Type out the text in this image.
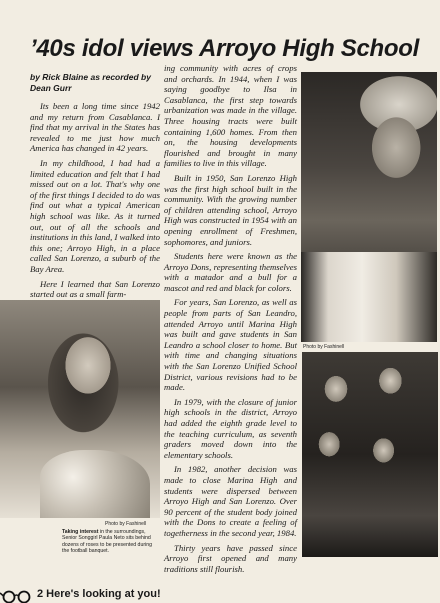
’40s idol views Arroyo High School
by Rick Blaine as recorded by Dean Gurr

Its been a long time since 1942 and my return from Casablanca. I find that my arrival in the States has revealed to me just how much America has changed in 42 years.

In my childhood, I had had a limited education and felt that I had missed out on a lot. That's why one of the first things I decided to do was find out what a typical American high school was like. As it turned out, out of all the schools and institutions in this land, I walked into this one; Arroyo High, in a place called San Lorenzo, a suburb of the Bay Area.

Here I learned that San Lorenzo started out as a small farm-

ing community with acres of crops and orchards. In 1944, when I was saying goodbye to Ilsa in Casablanca, the first step towards urbanization was made in the village. Three housing tracts were built containing 1,600 homes. From then on, the housing developments flourished and brought in many families to live in this village.

Built in 1950, San Lorenzo High was the first high school built in the community. With the growing number of children attending school, Arroyo High was constructed in 1954 with an opening enrollment of Freshmen, sophomores, and juniors.

Students here were known as the Arroyo Dons, representing themselves with a matador and a bull for a mascot and red and black for colors.

For years, San Lorenzo, as well as people from parts of San Leandro, attended Arroyo until Marina High was built and gave students in San Leandro a school closer to home. But with time and changing situations with the San Lorenzo Unified School District, various revisions had to be made.

In 1979, with the closure of junior high schools in the district, Arroyo had added the eighth grade level to the teaching curriculum, as seventh graders moved down into the elementary schools.

In 1982, another decision was made to close Marina High and students were dispersed between Arroyo High and San Lorenzo. Over 90 percent of the student body joined with the Dons to create a feeling of togetherness in the second year, 1984.

Thirty years have passed since Arroyo first opened and many traditions still flourish.

Photo by Fashinell
Photo by Fashinell
Taking interest in the surroundings, Senior Songgirl Paula Neto sits behind dozens of roses to be presented during the football banquet.
2 Here's looking at you!
